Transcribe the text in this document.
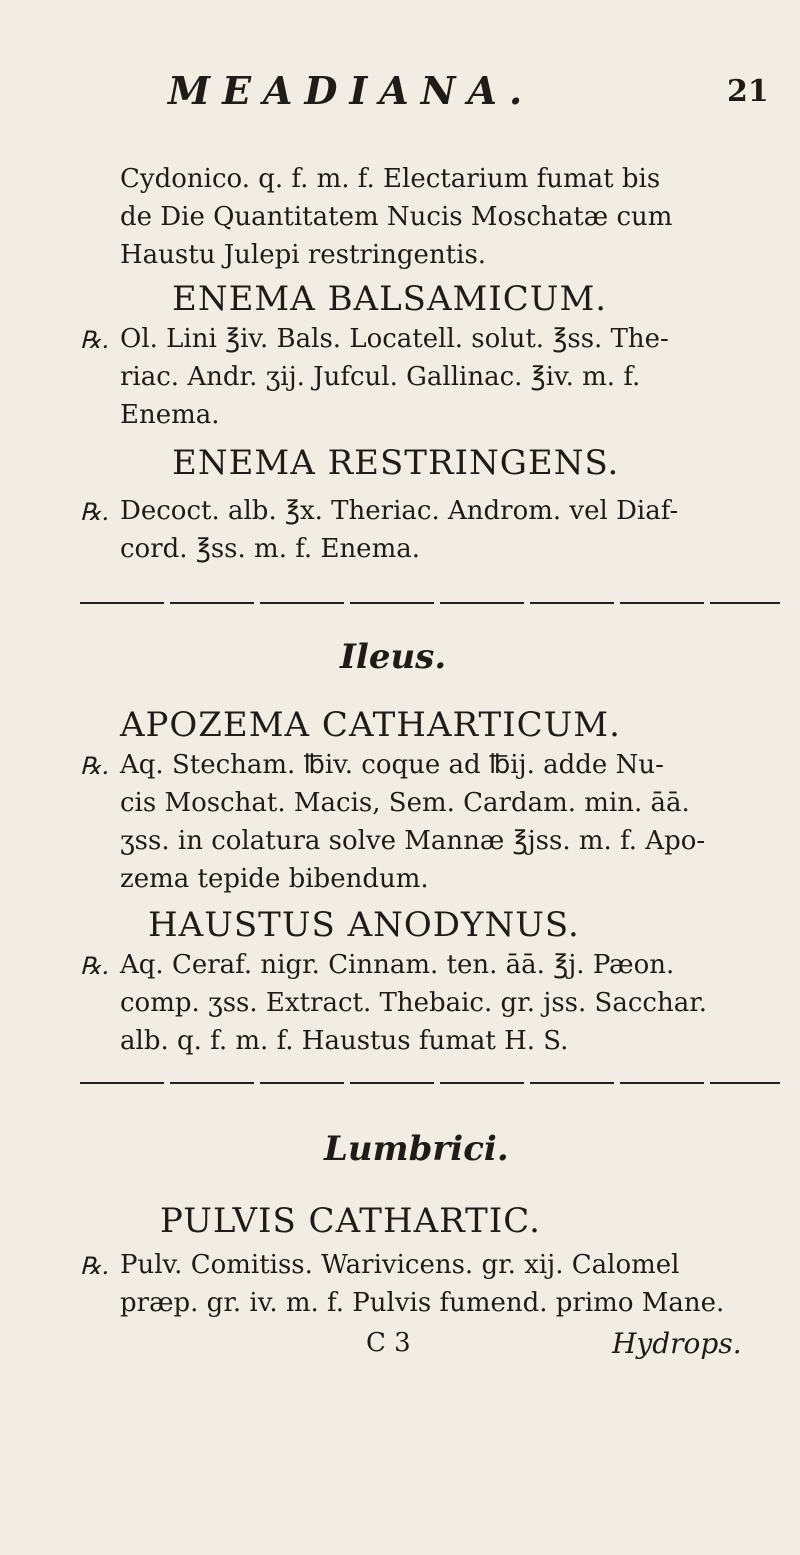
MEADIANA.	21
Cydonico. q. f. m. f. Electarium fumat bis
de Die Quantitatem Nucis Moschatæ cum
Haustu Julepi restringentis.
ENEMA BALSAMICUM.
℞. Ol. Lini ℥iv. Bals. Locatell. solut. ℥ss. The-
riac. Andr. ʒij. Jufcul. Gallinac. ℥iv. m. f.
Enema.
ENEMA RESTRINGENS.
℞. Decoct. alb. ℥x. Theriac. Androm. vel Diaf-
cord. ℥ss. m. f. Enema.
Ileus.
APOZEMA CATHARTICUM.
℞. Aq. Stecham. ℔iv. coque ad ℔ij. adde Nu-
cis Moschat. Macis, Sem. Cardam. min. āā.
ʒss. in colatura solve Mannæ ℥jss. m. f. Apo-
zema tepide bibendum.
HAUSTUS ANODYNUS.
℞. Aq. Ceraf. nigr. Cinnam. ten. āā. ℥j. Pæon.
comp. ʒss. Extract. Thebaic. gr. jss. Sacchar.
alb. q. f. m. f. Haustus fumat H. S.
Lumbrici.
PULVIS CATHARTIC.
℞. Pulv. Comitiss. Warivicens. gr. xij. Calomel
præp. gr. iv. m. f. Pulvis fumend. primo Mane.
C 3	Hydrops.
